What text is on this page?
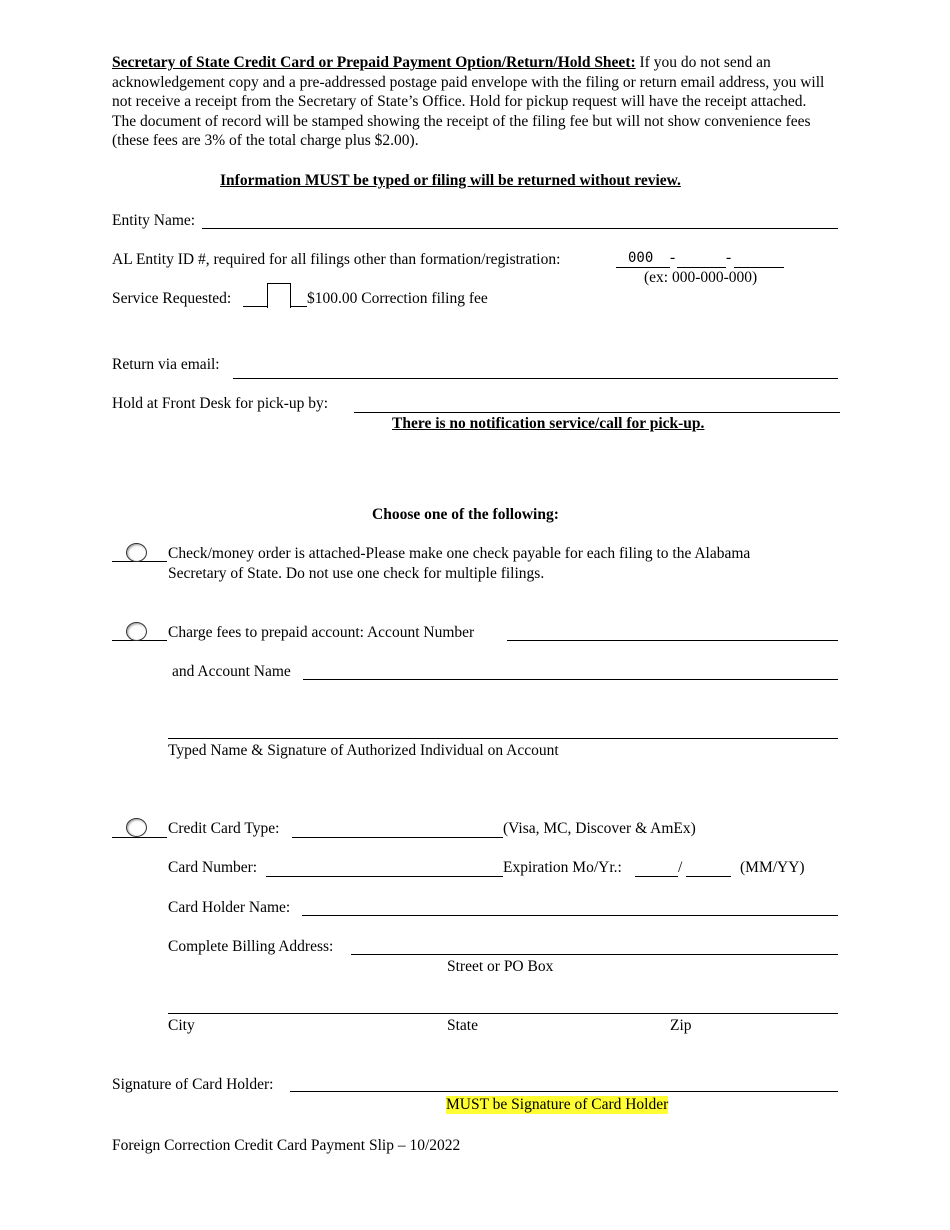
Secretary of State Credit Card or Prepaid Payment Option/Return/Hold Sheet: If you do not send an acknowledgement copy and a pre-addressed postage paid envelope with the filing or return email address, you will not receive a receipt from the Secretary of State’s Office. Hold for pickup request will have the receipt attached. The document of record will be stamped showing the receipt of the filing fee but will not show convenience fees (these fees are 3% of the total charge plus $2.00).
Information MUST be typed or filing will be returned without review.
Entity Name:
AL Entity ID #, required for all filings other than formation/registration:	000 -	-
(ex: 000-000-000)
Service Requested:	$100.00 Correction filing fee
Return via email:
Hold at Front Desk for pick-up by:
There is no notification service/call for pick-up.
Choose one of the following:
Check/money order is attached-Please make one check payable for each filing to the Alabama
Secretary of State. Do not use one check for multiple filings.
Charge fees to prepaid account: Account Number
and Account Name
Typed Name & Signature of Authorized Individual on Account
Credit Card Type:	(Visa, MC, Discover & AmEx)
Card Number:	Expiration Mo/Yr.:	/	(MM/YY)
Card Holder Name:
Complete Billing Address:
Street or PO Box
City	State	Zip
Signature of Card Holder:
MUST be Signature of Card Holder
Foreign Correction Credit Card Payment Slip – 10/2022
